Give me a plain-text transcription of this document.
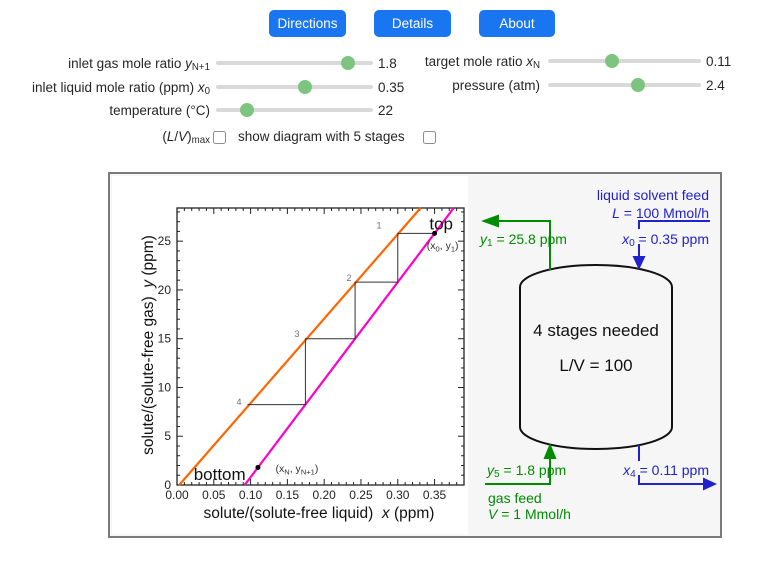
Directions	Details	About
inlet gas mole ratio yN+1	1.8
inlet liquid mole ratio (ppm) x0	0.35
temperature (°C)	22
target mole ratio xN	0.11
pressure (atm)	2.4
(L/V)max show diagram with 5 stages
0.00 0.05 0.10 0.15 0.20 0.25 0.30 0.35
0
5
10
15
20
25
top
($x_0$, $y_1$)
bottom	($x_N$, $y_{N+1}$)
1
2
3
4
solute/(solute-free liquid)  x (ppm)
solute/(solute-free gas)  y (ppm)
4 stages needed
L/V = 100
y1 = 25.8 ppm
liquid solvent feed
L = 100 Mmol/h
x0 = 0.35 ppm
y5 = 1.8 ppm
gas feed
V = 1 Mmol/h
x4 = 0.11 ppm
